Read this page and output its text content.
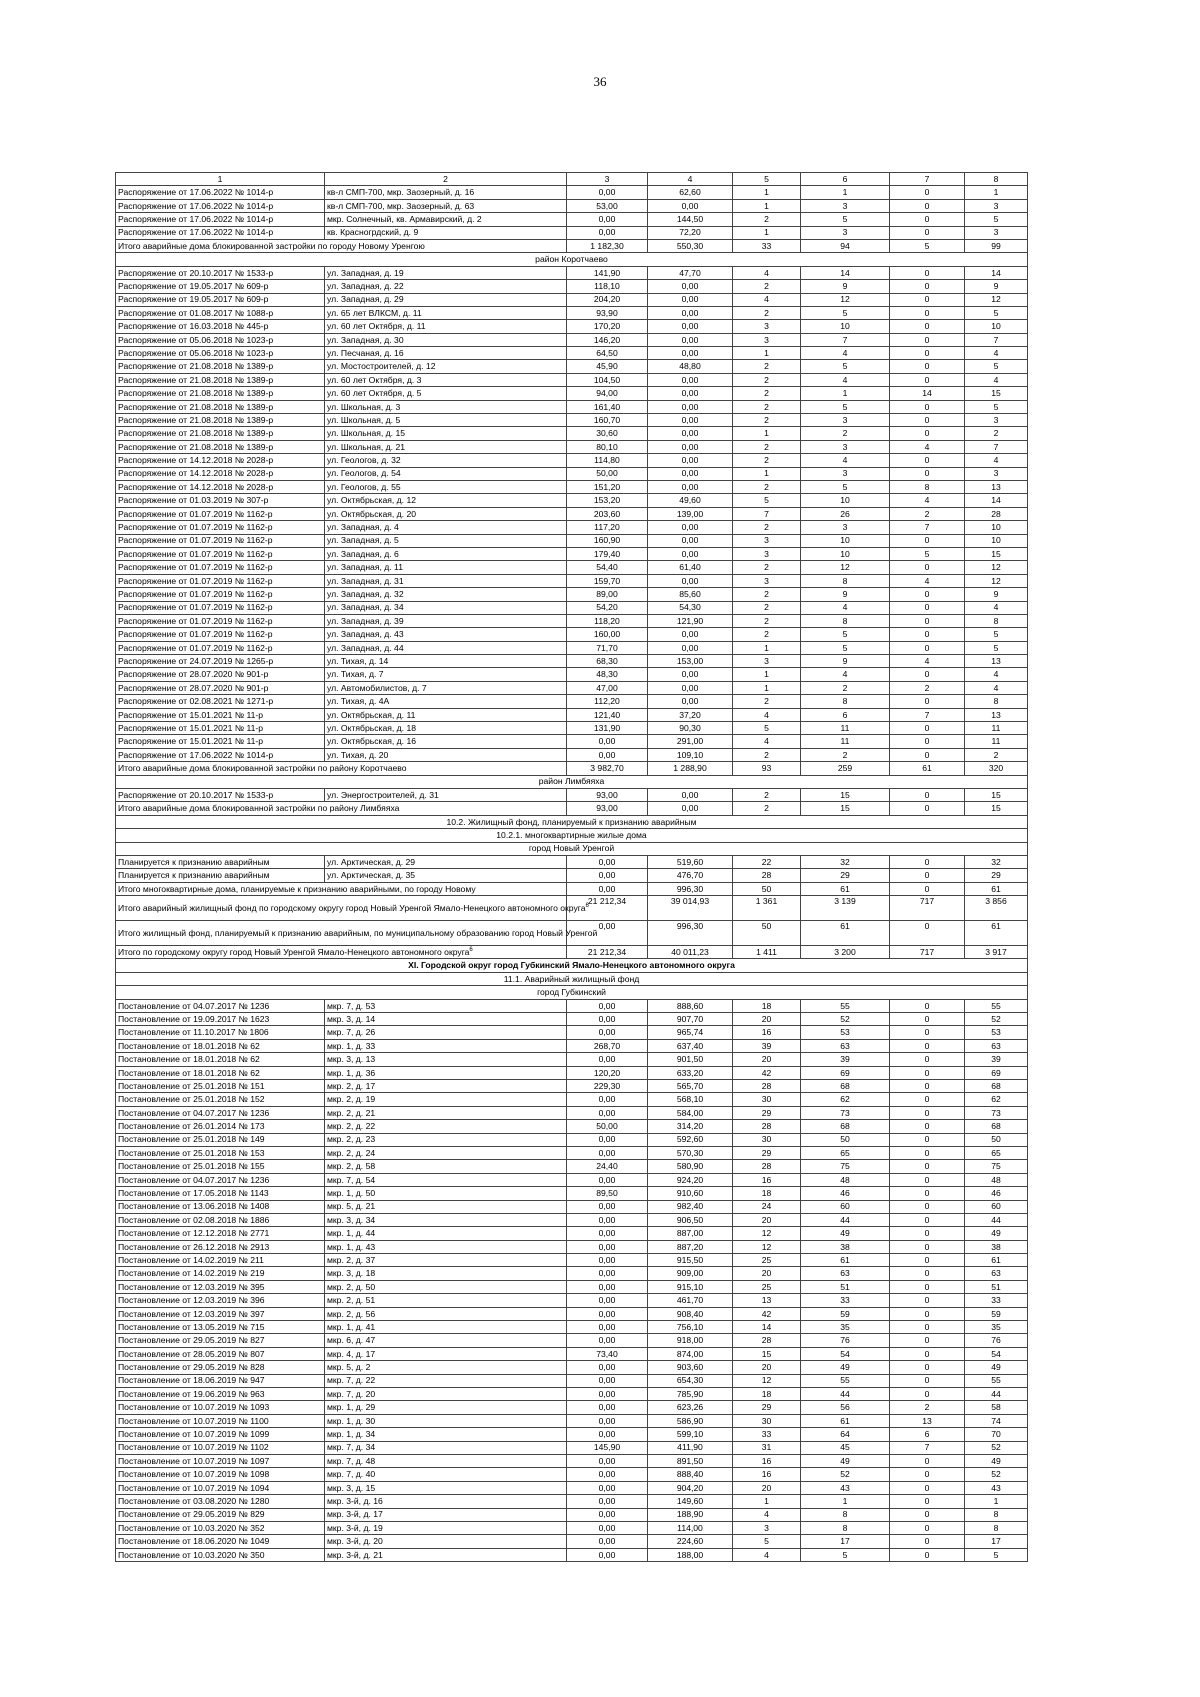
36
1	2	3	4	5	6	7	8
Распоряжение от 17.06.2022 № 1014-р	кв-л СМП-700, мкр. Заозерный, д. 16	0,00	62,60	1	1	0	1
Распоряжение от 17.06.2022 № 1014-р	кв-л СМП-700, мкр. Заозерный, д. 63	53,00	0,00	1	3	0	3
Распоряжение от 17.06.2022 № 1014-р	мкр. Солнечный, кв. Армавирский, д. 2	0,00	144,50	2	5	0	5
Распоряжение от 17.06.2022 № 1014-р	кв. Красногрдский, д. 9	0,00	72,20	1	3	0	3
Итого аварийные дома блокированной застройки по городу Новому Уренгою		1 182,30	550,30	33	94	5	99
район Коротчаево							
Распоряжение от 20.10.2017 № 1533-р	ул. Западная, д. 19	141,90	47,70	4	14	0	14
Распоряжение от 19.05.2017 № 609-р	ул. Западная, д. 22	118,10	0,00	2	9	0	9
Распоряжение от 19.05.2017 № 609-р	ул. Западная, д. 29	204,20	0,00	4	12	0	12
Распоряжение от 01.08.2017 № 1088-р	ул. 65 лет ВЛКСМ, д. 11	93,90	0,00	2	5	0	5
Распоряжение от 16.03.2018 № 445-р	ул. 60 лет Октября, д. 11	170,20	0,00	3	10	0	10
Распоряжение от 05.06.2018 № 1023-р	ул. Западная, д. 30	146,20	0,00	3	7	0	7
Распоряжение от 05.06.2018 № 1023-р	ул. Песчаная, д. 16	64,50	0,00	1	4	0	4
Распоряжение от 21.08.2018 № 1389-р	ул. Мостостроителей, д. 12	45,90	48,80	2	5	0	5
Распоряжение от 21.08.2018 № 1389-р	ул. 60 лет Октября, д. 3	104,50	0,00	2	4	0	4
Распоряжение от 21.08.2018 № 1389-р	ул. 60 лет Октября, д. 5	94,00	0,00	2	1	14	15
Распоряжение от 21.08.2018 № 1389-р	ул. Школьная, д. 3	161,40	0,00	2	5	0	5
Распоряжение от 21.08.2018 № 1389-р	ул. Школьная, д. 5	160,70	0,00	2	3	0	3
Распоряжение от 21.08.2018 № 1389-р	ул. Школьная, д. 15	30,60	0,00	1	2	0	2
Распоряжение от 21.08.2018 № 1389-р	ул. Школьная, д. 21	80,10	0,00	2	3	4	7
Распоряжение от 14.12.2018 № 2028-р	ул. Геологов, д. 32	114,80	0,00	2	4	0	4
Распоряжение от 14.12.2018 № 2028-р	ул. Геологов, д. 54	50,00	0,00	1	3	0	3
Распоряжение от 14.12.2018 № 2028-р	ул. Геологов, д. 55	151,20	0,00	2	5	8	13
Распоряжение от 01.03.2019 № 307-р	ул. Октябрьская, д. 12	153,20	49,60	5	10	4	14
Распоряжение от 01.07.2019 № 1162-р	ул. Октябрьская, д. 20	203,60	139,00	7	26	2	28
Распоряжение от 01.07.2019 № 1162-р	ул. Западная, д. 4	117,20	0,00	2	3	7	10
Распоряжение от 01.07.2019 № 1162-р	ул. Западная, д. 5	160,90	0,00	3	10	0	10
Распоряжение от 01.07.2019 № 1162-р	ул. Западная, д. 6	179,40	0,00	3	10	5	15
Распоряжение от 01.07.2019 № 1162-р	ул. Западная, д. 11	54,40	61,40	2	12	0	12
Распоряжение от 01.07.2019 № 1162-р	ул. Западная, д. 31	159,70	0,00	3	8	4	12
Распоряжение от 01.07.2019 № 1162-р	ул. Западная, д. 32	89,00	85,60	2	9	0	9
Распоряжение от 01.07.2019 № 1162-р	ул. Западная, д. 34	54,20	54,30	2	4	0	4
Распоряжение от 01.07.2019 № 1162-р	ул. Западная, д. 39	118,20	121,90	2	8	0	8
Распоряжение от 01.07.2019 № 1162-р	ул. Западная, д. 43	160,00	0,00	2	5	0	5
Распоряжение от 01.07.2019 № 1162-р	ул. Западная, д. 44	71,70	0,00	1	5	0	5
Распоряжение от 24.07.2019 № 1265-р	ул. Тихая, д. 14	68,30	153,00	3	9	4	13
Распоряжение от 28.07.2020 № 901-р	ул. Тихая, д. 7	48,30	0,00	1	4	0	4
Распоряжение от 28.07.2020 № 901-р	ул. Автомобилистов, д. 7	47,00	0,00	1	2	2	4
Распоряжение от 02.08.2021 № 1271-р	ул. Тихая, д. 4А	112,20	0,00	2	8	0	8
Распоряжение от 15.01.2021 № 11-р	ул. Октябрьская, д. 11	121,40	37,20	4	6	7	13
Распоряжение от 15.01.2021 № 11-р	ул. Октябрьская, д. 18	131,90	90,30	5	11	0	11
Распоряжение от 15.01.2021 № 11-р	ул. Октябрьская, д. 16	0,00	291,00	4	11	0	11
Распоряжение от 17.06.2022 № 1014-р	ул. Тихая, д. 20	0,00	109,10	2	2	0	2
Итого аварийные дома блокированной застройки по району Коротчаево		3 982,70	1 288,90	93	259	61	320
район Лимбяяха							
Распоряжение от 20.10.2017 № 1533-р	ул. Энергостроителей, д. 31	93,00	0,00	2	15	0	15
Итого аварийные дома блокированной застройки по району Лимбяяха		93,00	0,00	2	15	0	15
10.2. Жилищный фонд, планируемый к признанию аварийным							
10.2.1. многоквартирные жилые дома							
город Новый Уренгой							
Планируется к признанию аварийным	ул. Арктическая, д. 29	0,00	519,60	22	32	0	32
Планируется к признанию аварийным	ул. Арктическая, д. 35	0,00	476,70	28	29	0	29
Итого многоквартирные дома, планируемые к признанию аварийными, по городу Новому		0,00	996,30	50	61	0	61
Итого аварийный жилищный фонд по городскому округу город Новый Уренгой Ямало-Ненецкого автономного округа$^6$		21 212,34	39 014,93	1 361	3 139	717	3 856
Итого жилищный фонд, планируемый к признанию аварийным, по муниципальному образованию город Новый Уренгой		0,00	996,30	50	61	0	61
Итого по городскому округу город Новый Уренгой Ямало-Ненецкого автономного округа$^6$		21 212,34	40 011,23	1 411	3 200	717	3 917
XI. Городской округ город Губкинский Ямало-Ненецкого автономного округа							
11.1. Аварийный жилищный фонд							
город Губкинский							
Постановление от 04.07.2017 № 1236	мкр. 7, д. 53	0,00	888,60	18	55	0	55
Постановление от 19.09.2017 № 1623	мкр. 3, д. 14	0,00	907,70	20	52	0	52
Постановление от 11.10.2017 № 1806	мкр. 7, д. 26	0,00	965,74	16	53	0	53
Постановление от 18.01.2018 № 62	мкр. 1, д. 33	268,70	637,40	39	63	0	63
Постановление от 18.01.2018 № 62	мкр. 3, д. 13	0,00	901,50	20	39	0	39
Постановление от 18.01.2018 № 62	мкр. 1, д. 36	120,20	633,20	42	69	0	69
Постановление от 25.01.2018 № 151	мкр. 2, д. 17	229,30	565,70	28	68	0	68
Постановление от 25.01.2018 № 152	мкр. 2, д. 19	0,00	568,10	30	62	0	62
Постановление от 04.07.2017 № 1236	мкр. 2, д. 21	0,00	584,00	29	73	0	73
Постановление от 26.01.2014 № 173	мкр. 2, д. 22	50,00	314,20	28	68	0	68
Постановление от 25.01.2018 № 149	мкр. 2, д. 23	0,00	592,60	30	50	0	50
Постановление от 25.01.2018 № 153	мкр. 2, д. 24	0,00	570,30	29	65	0	65
Постановление от 25.01.2018 № 155	мкр. 2, д. 58	24,40	580,90	28	75	0	75
Постановление от 04.07.2017 № 1236	мкр. 7, д. 54	0,00	924,20	16	48	0	48
Постановление от 17.05.2018 № 1143	мкр. 1, д. 50	89,50	910,60	18	46	0	46
Постановление от 13.06.2018 № 1408	мкр. 5, д. 21	0,00	982,40	24	60	0	60
Постановление от 02.08.2018 № 1886	мкр. 3, д. 34	0,00	906,50	20	44	0	44
Постановление от 12.12.2018 № 2771	мкр. 1, д. 44	0,00	887,00	12	49	0	49
Постановление от 26.12.2018 № 2913	мкр. 1, д. 43	0,00	887,20	12	38	0	38
Постановление от 14.02.2019 № 211	мкр. 2, д. 37	0,00	915,50	25	61	0	61
Постановление от 14.02.2019 № 219	мкр. 3, д. 18	0,00	909,00	20	63	0	63
Постановление от 12.03.2019 № 395	мкр. 2, д. 50	0,00	915,10	25	51	0	51
Постановление от 12.03.2019 № 396	мкр. 2, д. 51	0,00	461,70	13	33	0	33
Постановление от 12.03.2019 № 397	мкр. 2, д. 56	0,00	908,40	42	59	0	59
Постановление от 13.05.2019 № 715	мкр. 1, д. 41	0,00	756,10	14	35	0	35
Постановление от 29.05.2019 № 827	мкр. 6, д. 47	0,00	918,00	28	76	0	76
Постановление от 28.05.2019 № 807	мкр. 4, д. 17	73,40	874,00	15	54	0	54
Постановление от 29.05.2019 № 828	мкр. 5, д. 2	0,00	903,60	20	49	0	49
Постановление от 18.06.2019 № 947	мкр. 7, д. 22	0,00	654,30	12	55	0	55
Постановление от 19.06.2019 № 963	мкр. 7, д. 20	0,00	785,90	18	44	0	44
Постановление от 10.07.2019 № 1093	мкр. 1, д. 29	0,00	623,26	29	56	2	58
Постановление от 10.07.2019 № 1100	мкр. 1, д. 30	0,00	586,90	30	61	13	74
Постановление от 10.07.2019 № 1099	мкр. 1, д. 34	0,00	599,10	33	64	6	70
Постановление от 10.07.2019 № 1102	мкр. 7, д. 34	145,90	411,90	31	45	7	52
Постановление от 10.07.2019 № 1097	мкр. 7, д. 48	0,00	891,50	16	49	0	49
Постановление от 10.07.2019 № 1098	мкр. 7, д. 40	0,00	888,40	16	52	0	52
Постановление от 10.07.2019 № 1094	мкр. 3, д. 15	0,00	904,20	20	43	0	43
Постановление от 03.08.2020 № 1280	мкр. 3-й, д. 16	0,00	149,60	1	1	0	1
Постановление от 29.05.2019 № 829	мкр. 3-й, д. 17	0,00	188,90	4	8	0	8
Постановление от 10.03.2020 № 352	мкр. 3-й, д. 19	0,00	114,00	3	8	0	8
Постановление от 18.06.2020 № 1049	мкр. 3-й, д. 20	0,00	224,60	5	17	0	17
Постановление от 10.03.2020 № 350	мкр. 3-й, д. 21	0,00	188,00	4	5	0	5
